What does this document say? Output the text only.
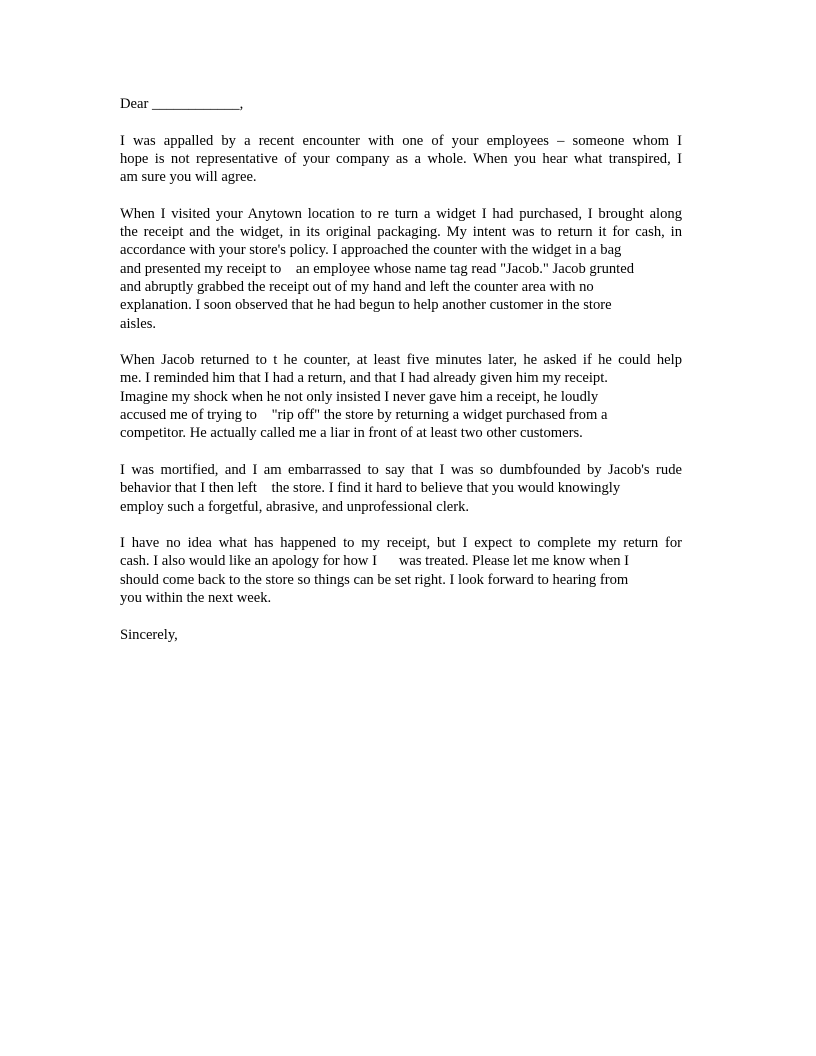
Dear ____________,

I was appalled by a recent encounter with one of your employees – someone whom I
hope is not representative of your company as a whole. When you hear what transpired, I
am sure you will agree.

When I visited your Anytown location to re turn a widget I had purchased, I brought along
the receipt and the widget, in its original packaging. My intent was to return it for cash, in
accordance with your store's policy. I approached the counter with the widget in a bag
and presented my receipt to    an employee whose name tag read "Jacob." Jacob grunted
and abruptly grabbed the receipt out of my hand and left the counter area with no
explanation. I soon observed that he had begun to help another customer in the store
aisles.

When Jacob returned to t he counter, at least five minutes later, he asked if he could help
me. I reminded him that I had a return, and that I had already given him my receipt.
Imagine my shock when he not only insisted I never gave him a receipt, he loudly
accused me of trying to    "rip off" the store by returning a widget purchased from a
competitor. He actually called me a liar in front of at least two other customers.

I was mortified, and I am embarrassed to say that I was so dumbfounded by Jacob's rude
behavior that I then left    the store. I find it hard to believe that you would knowingly
employ such a forgetful, abrasive, and unprofessional clerk.

I have no idea what has happened to my receipt, but I expect to complete my return for
cash. I also would like an apology for how I      was treated. Please let me know when I
should come back to the store so things can be set right. I look forward to hearing from
you within the next week.

Sincerely,
